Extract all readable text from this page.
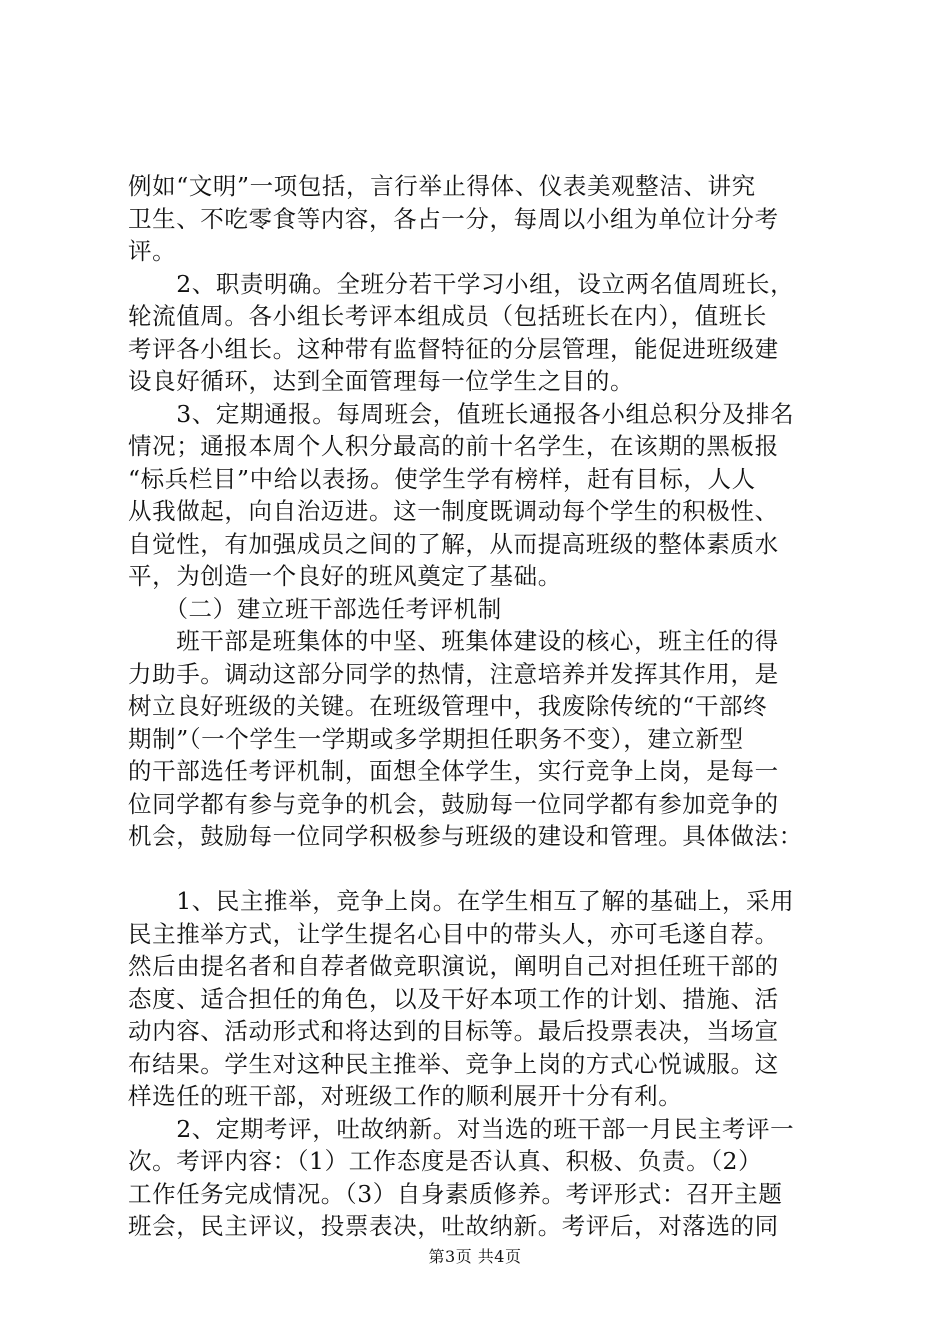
例如“文明”一项包括，言行举止得体、仪表美观整洁、讲究
卫生、不吃零食等内容，各占一分，每周以小组为单位计分考
评。
　　2、职责明确。全班分若干学习小组，设立两名值周班长，
轮流值周。各小组长考评本组成员（包括班长在内），值班长
考评各小组长。这种带有监督特征的分层管理，能促进班级建
设良好循环，达到全面管理每一位学生之目的。
　　3、定期通报。每周班会，值班长通报各小组总积分及排名
情况；通报本周个人积分最高的前十名学生，在该期的黑板报
“标兵栏目”中给以表扬。使学生学有榜样，赶有目标，人人
从我做起，向自治迈进。这一制度既调动每个学生的积极性、
自觉性，有加强成员之间的了解，从而提高班级的整体素质水
平，为创造一个良好的班风奠定了基础。
　　（二）建立班干部选任考评机制
　　班干部是班集体的中坚、班集体建设的核心，班主任的得
力助手。调动这部分同学的热情，注意培养并发挥其作用，是
树立良好班级的关键。在班级管理中，我废除传统的“干部终
期制”（一个学生一学期或多学期担任职务不变），建立新型
的干部选任考评机制，面想全体学生，实行竞争上岗，是每一
位同学都有参与竞争的机会，鼓励每一位同学都有参加竞争的
机会，鼓励每一位同学积极参与班级的建设和管理。具体做法：
　　1、民主推举，竞争上岗。在学生相互了解的基础上，采用
民主推举方式，让学生提名心目中的带头人，亦可毛遂自荐。
然后由提名者和自荐者做竞职演说，阐明自己对担任班干部的
态度、适合担任的角色，以及干好本项工作的计划、措施、活
动内容、活动形式和将达到的目标等。最后投票表决，当场宣
布结果。学生对这种民主推举、竞争上岗的方式心悦诚服。这
样选任的班干部，对班级工作的顺利展开十分有利。
　　2、定期考评，吐故纳新。对当选的班干部一月民主考评一
次。考评内容：（1）工作态度是否认真、积极、负责。（2）
工作任务完成情况。（3）自身素质修养。考评形式：召开主题
班会，民主评议，投票表决，吐故纳新。考评后，对落选的同
第3页 共4页
